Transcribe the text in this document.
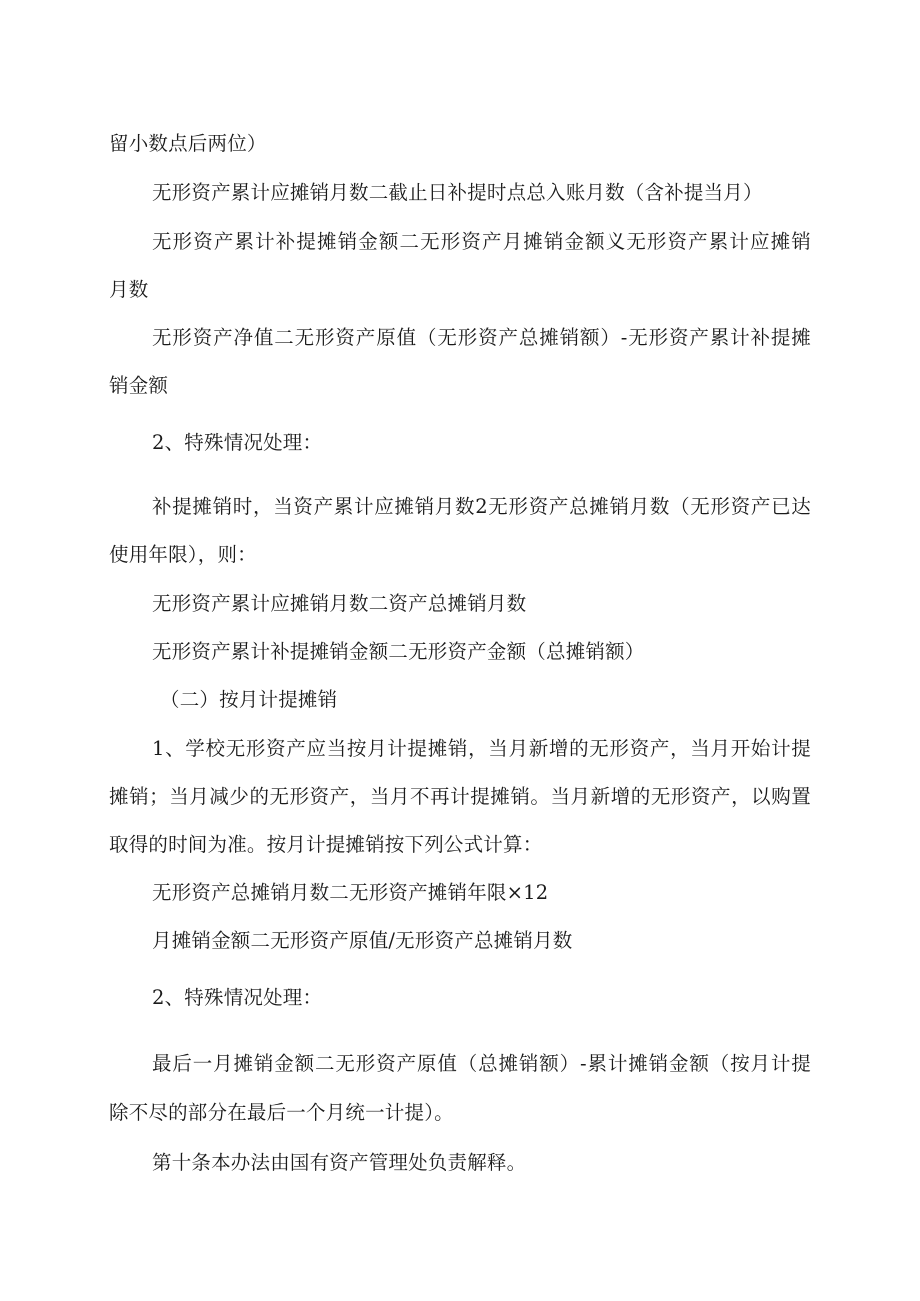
留小数点后两位）
无形资产累计应摊销月数二截止日补提时点总入账月数（含补提当月）
无形资产累计补提摊销金额二无形资产月摊销金额义无形资产累计应摊销
月数
无形资产净值二无形资产原值（无形资产总摊销额）-无形资产累计补提摊
销金额
2、特殊情况处理：
补提摊销时，当资产累计应摊销月数2无形资产总摊销月数（无形资产已达
使用年限），则：
无形资产累计应摊销月数二资产总摊销月数
无形资产累计补提摊销金额二无形资产金额（总摊销额）
（二）按月计提摊销
1、学校无形资产应当按月计提摊销，当月新增的无形资产，当月开始计提
摊销；当月减少的无形资产，当月不再计提摊销。当月新增的无形资产，以购置
取得的时间为准。按月计提摊销按下列公式计算：
无形资产总摊销月数二无形资产摊销年限×12
月摊销金额二无形资产原值/无形资产总摊销月数
2、特殊情况处理：
最后一月摊销金额二无形资产原值（总摊销额）-累计摊销金额（按月计提
除不尽的部分在最后一个月统一计提）。
第十条本办法由国有资产管理处负责解释。
